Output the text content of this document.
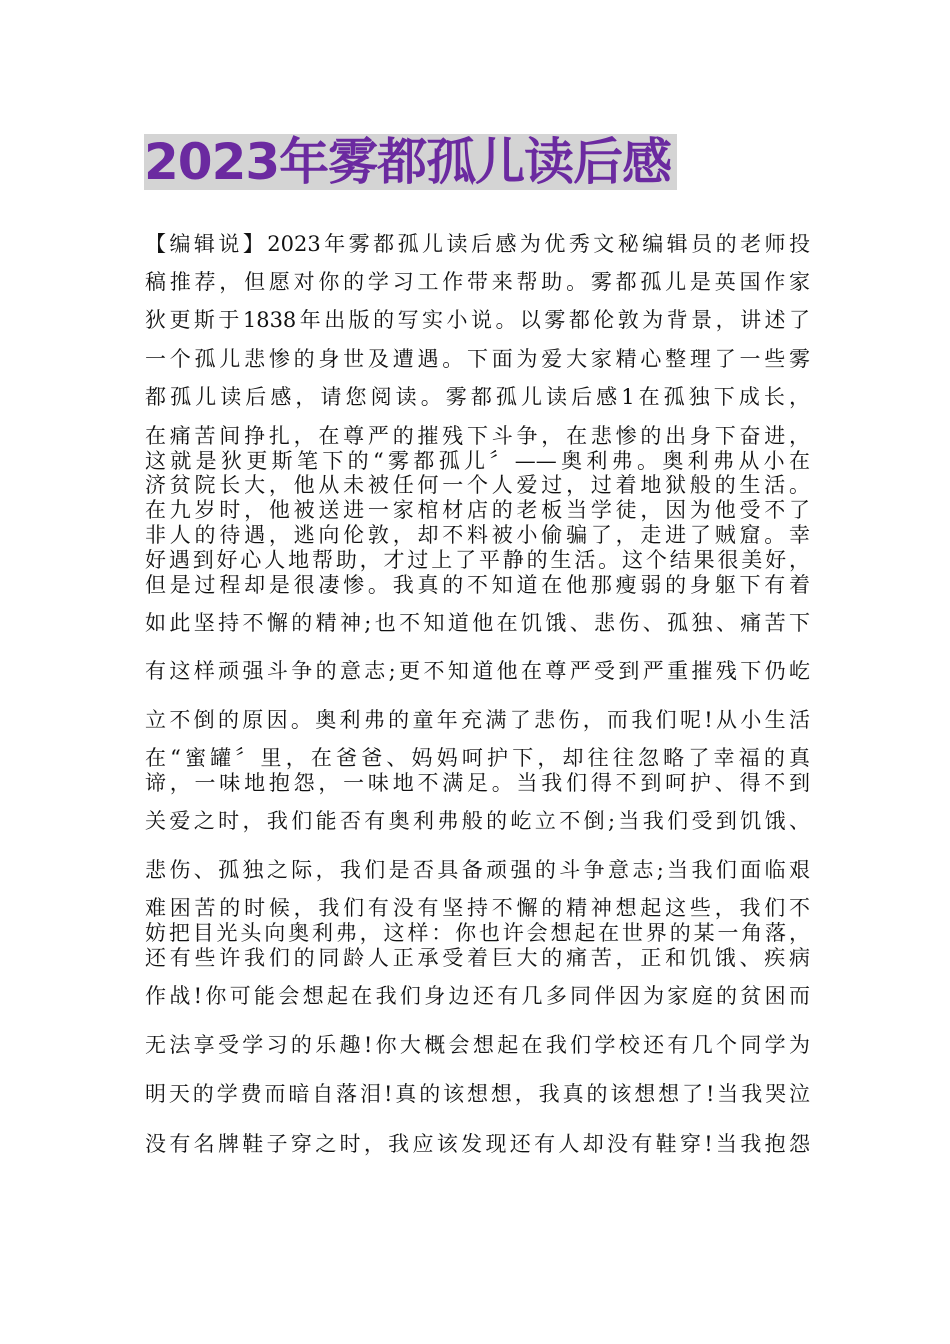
2023年雾都孤儿读后感
【编辑说】2023年雾都孤儿读后感为优秀文秘编辑员的老师投
稿推荐，但愿对你的学习工作带来帮助。雾都孤儿是英国作家
狄更斯于1838年出版的写实小说。以雾都伦敦为背景，讲述了
一个孤儿悲惨的身世及遭遇。下面为爱大家精心整理了一些雾
都孤儿读后感，请您阅读。雾都孤儿读后感1在孤独下成长，
在痛苦间挣扎，在尊严的摧残下斗争，在悲惨的出身下奋进，
这就是狄更斯笔下的“雾都孤儿〞——奥利弗。奥利弗从小在
济贫院长大，他从未被任何一个人爱过，过着地狱般的生活。
在九岁时，他被送进一家棺材店的老板当学徒，因为他受不了
非人的待遇，逃向伦敦，却不料被小偷骗了，走进了贼窟。幸
好遇到好心人地帮助，才过上了平静的生活。这个结果很美好，
但是过程却是很凄惨。我真的不知道在他那瘦弱的身躯下有着
如此坚持不懈的精神;也不知道他在饥饿、悲伤、孤独、痛苦下
有这样顽强斗争的意志;更不知道他在尊严受到严重摧残下仍屹
立不倒的原因。奥利弗的童年充满了悲伤，而我们呢!从小生活
在“蜜罐〞里，在爸爸、妈妈呵护下，却往往忽略了幸福的真
谛，一味地抱怨，一味地不满足。当我们得不到呵护、得不到
关爱之时，我们能否有奥利弗般的屹立不倒;当我们受到饥饿、
悲伤、孤独之际，我们是否具备顽强的斗争意志;当我们面临艰
难困苦的时候，我们有没有坚持不懈的精神想起这些，我们不
妨把目光头向奥利弗，这样：你也许会想起在世界的某一角落，
还有些许我们的同龄人正承受着巨大的痛苦，正和饥饿、疾病
作战!你可能会想起在我们身边还有几多同伴因为家庭的贫困而
无法享受学习的乐趣!你大概会想起在我们学校还有几个同学为
明天的学费而暗自落泪!真的该想想，我真的该想想了!当我哭泣
没有名牌鞋子穿之时，我应该发现还有人却没有鞋穿!当我抱怨
